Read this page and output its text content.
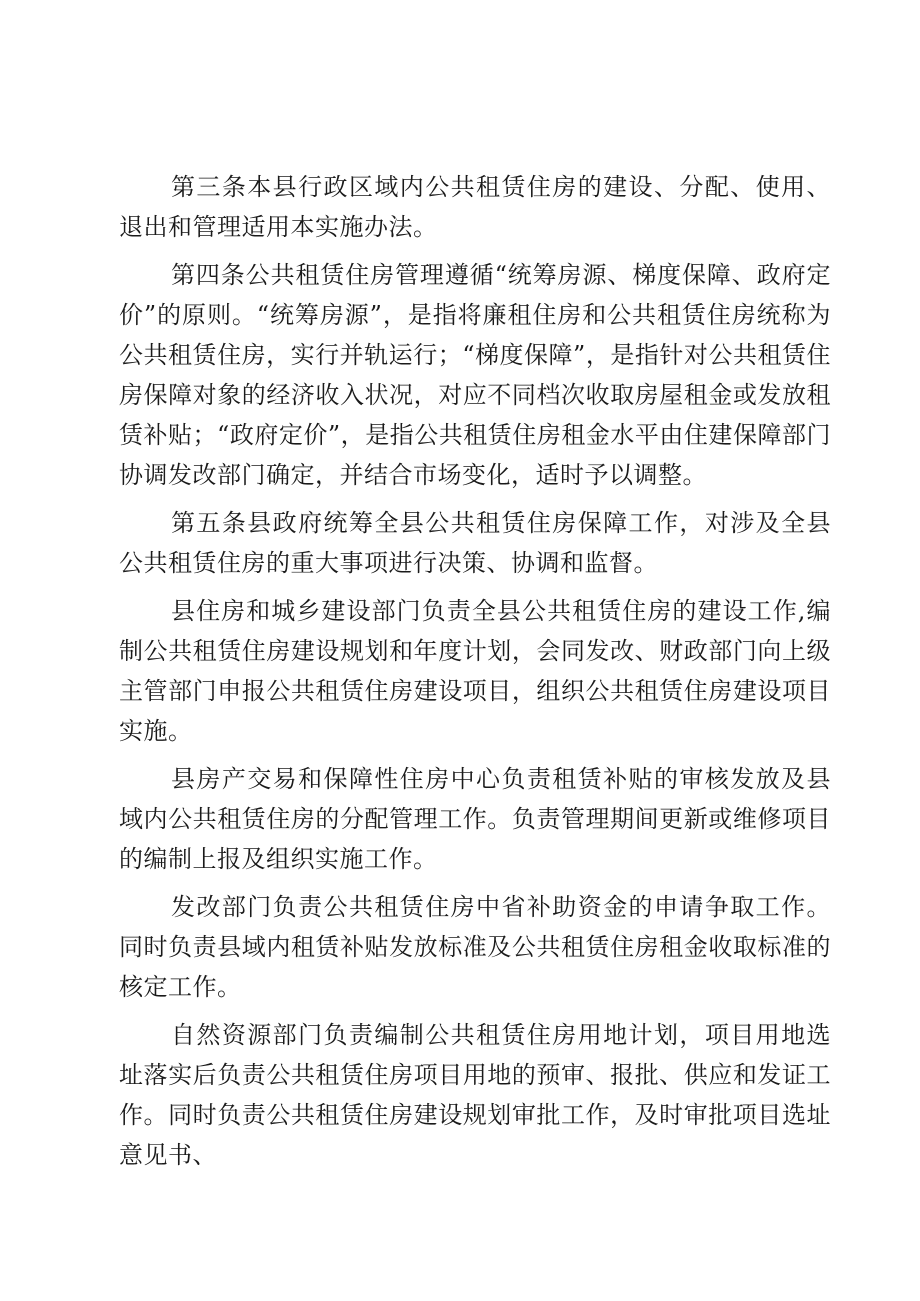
第三条本县行政区域内公共租赁住房的建设、分配、使用、退出和管理适用本实施办法。

第四条公共租赁住房管理遵循“统筹房源、梯度保障、政府定价”的原则。“统筹房源”，是指将廉租住房和公共租赁住房统称为公共租赁住房，实行并轨运行；“梯度保障”，是指针对公共租赁住房保障对象的经济收入状况，对应不同档次收取房屋租金或发放租赁补贴；“政府定价”，是指公共租赁住房租金水平由住建保障部门协调发改部门确定，并结合市场变化，适时予以调整。

第五条县政府统筹全县公共租赁住房保障工作，对涉及全县公共租赁住房的重大事项进行决策、协调和监督。

县住房和城乡建设部门负责全县公共租赁住房的建设工作,编制公共租赁住房建设规划和年度计划，会同发改、财政部门向上级主管部门申报公共租赁住房建设项目，组织公共租赁住房建设项目实施。

县房产交易和保障性住房中心负责租赁补贴的审核发放及县域内公共租赁住房的分配管理工作。负责管理期间更新或维修项目的编制上报及组织实施工作。

发改部门负责公共租赁住房中省补助资金的申请争取工作。同时负责县域内租赁补贴发放标准及公共租赁住房租金收取标准的核定工作。

自然资源部门负责编制公共租赁住房用地计划，项目用地选址落实后负责公共租赁住房项目用地的预审、报批、供应和发证工作。同时负责公共租赁住房建设规划审批工作，及时审批项目选址意见书、
